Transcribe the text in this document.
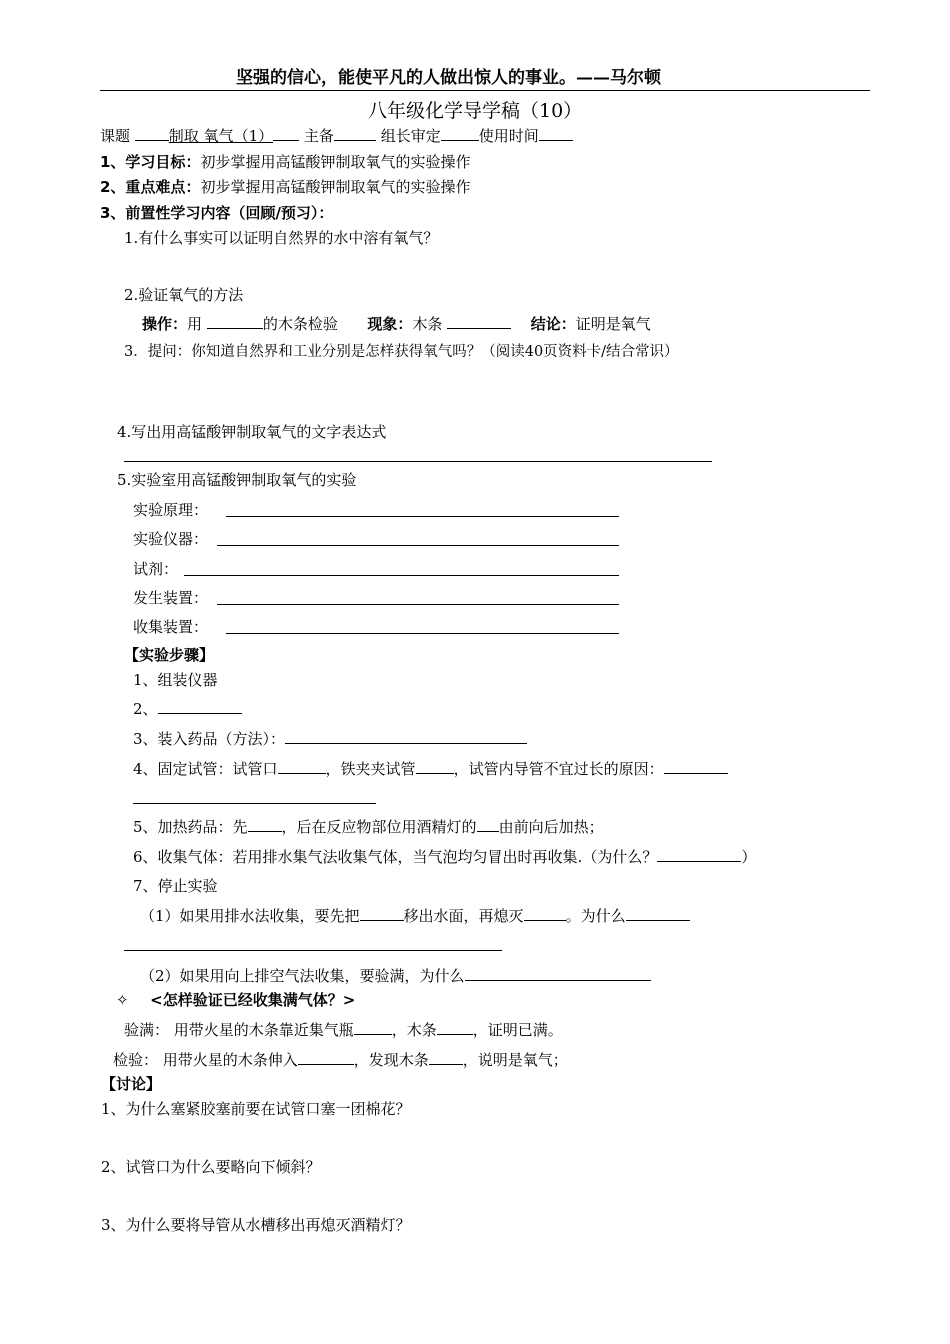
坚强的信心，能使平凡的人做出惊人的事业。——马尔顿
八年级化学导学稿（10）
课题	制取 氧气（1） 主备	组长审定	使用时间
1、学习目标：初步掌握用高锰酸钾制取氧气的实验操作
2、重点难点：初步掌握用高锰酸钾制取氧气的实验操作
3、前置性学习内容（回顾/预习）：
1.有什么事实可以证明自然界的水中溶有氧气？
2.验证氧气的方法
操作：用	的木条检验 现象：木条	结论：证明是氧气
3．提问：你知道自然界和工业分别是怎样获得氧气吗？（阅读40页资料卡/结合常识）
4.写出用高锰酸钾制取氧气的文字表达式
5.实验室用高锰酸钾制取氧气的实验
实验原理：
实验仪器：
试剂：
发生装置：
收集装置：
【实验步骤】
1、组装仪器
2、
3、装入药品（方法）：
4、固定试管：试管口	，铁夹夹试管	，试管内导管不宜过长的原因：
5、加热药品：先 ，后在反应物部位用酒精灯的 由前向后加热；
6、收集气体：若用排水集气法收集气体，当气泡均匀冒出时再收集.（为什么？	）
7、停止实验
（1）如果用排水法收集，要先把	移出水面，再熄灭	。为什么
（2）如果用向上排空气法收集，要验满，为什么
✧ <怎样验证已经收集满气体？>
验满： 用带火星的木条靠近集气瓶	，木条 ，证明已满。
检验： 用带火星的木条伸入	，发现木条 ，说明是氧气；
【讨论】
1、为什么塞紧胶塞前要在试管口塞一团棉花？
2、试管口为什么要略向下倾斜？
3、为什么要将导管从水槽移出再熄灭酒精灯？
